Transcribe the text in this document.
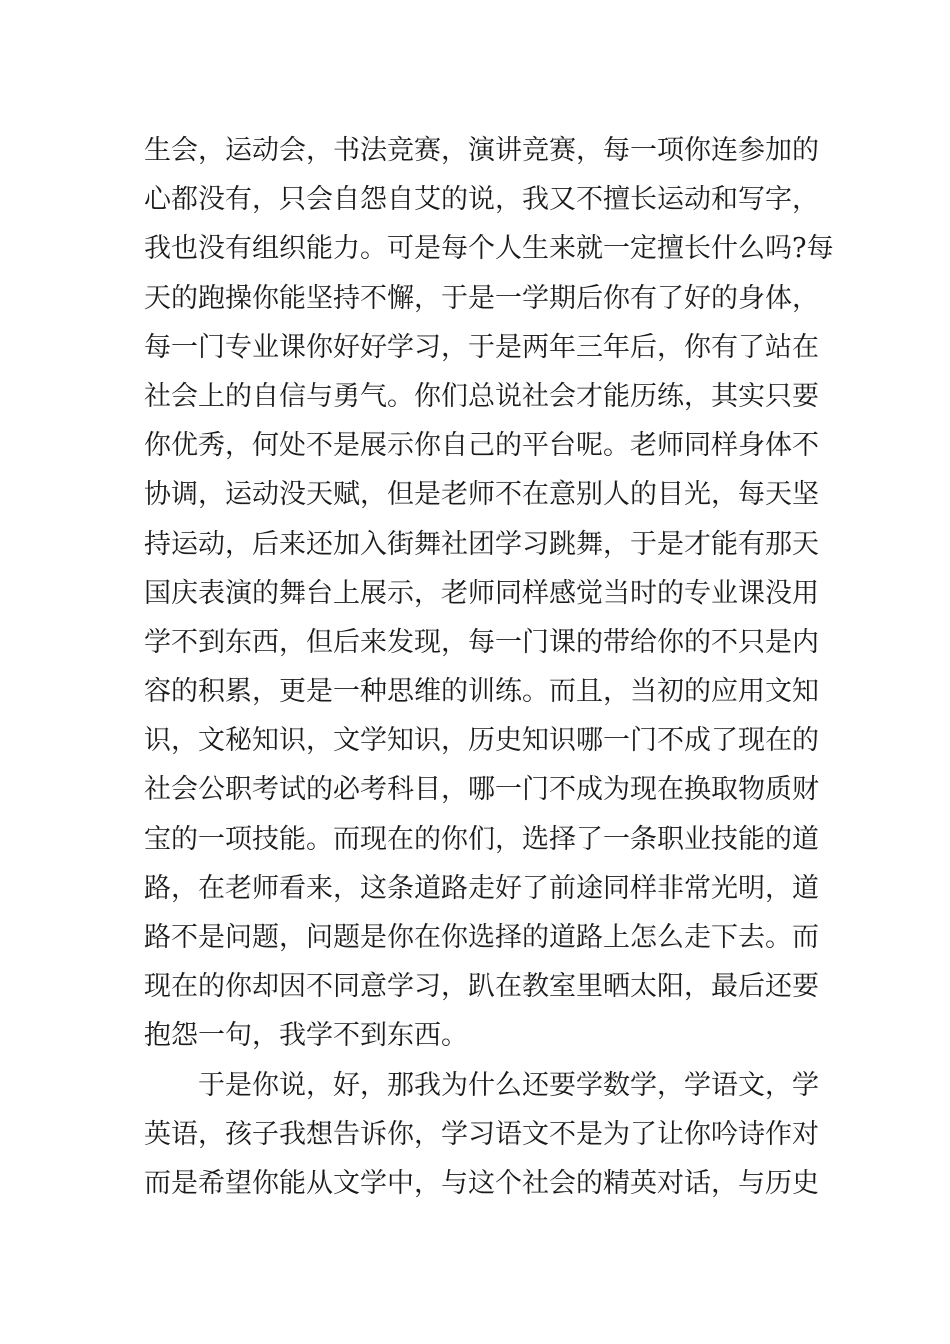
生会，运动会，书法竞赛，演讲竞赛，每一项你连参加的
心都没有，只会自怨自艾的说，我又不擅长运动和写字，
我也没有组织能力。可是每个人生来就一定擅长什么吗?每
天的跑操你能坚持不懈，于是一学期后你有了好的身体，
每一门专业课你好好学习，于是两年三年后，你有了站在
社会上的自信与勇气。你们总说社会才能历练，其实只要
你优秀，何处不是展示你自己的平台呢。老师同样身体不
协调，运动没天赋，但是老师不在意别人的目光，每天坚
持运动，后来还加入街舞社团学习跳舞，于是才能有那天
国庆表演的舞台上展示，老师同样感觉当时的专业课没用
学不到东西，但后来发现，每一门课的带给你的不只是内
容的积累，更是一种思维的训练。而且，当初的应用文知
识，文秘知识，文学知识，历史知识哪一门不成了现在的
社会公职考试的必考科目，哪一门不成为现在换取物质财
宝的一项技能。而现在的你们，选择了一条职业技能的道
路，在老师看来，这条道路走好了前途同样非常光明，道
路不是问题，问题是你在你选择的道路上怎么走下去。而
现在的你却因不同意学习，趴在教室里晒太阳，最后还要
抱怨一句，我学不到东西。
于是你说，好，那我为什么还要学数学，学语文，学
英语，孩子我想告诉你，学习语文不是为了让你吟诗作对
而是希望你能从文学中，与这个社会的精英对话，与历史
